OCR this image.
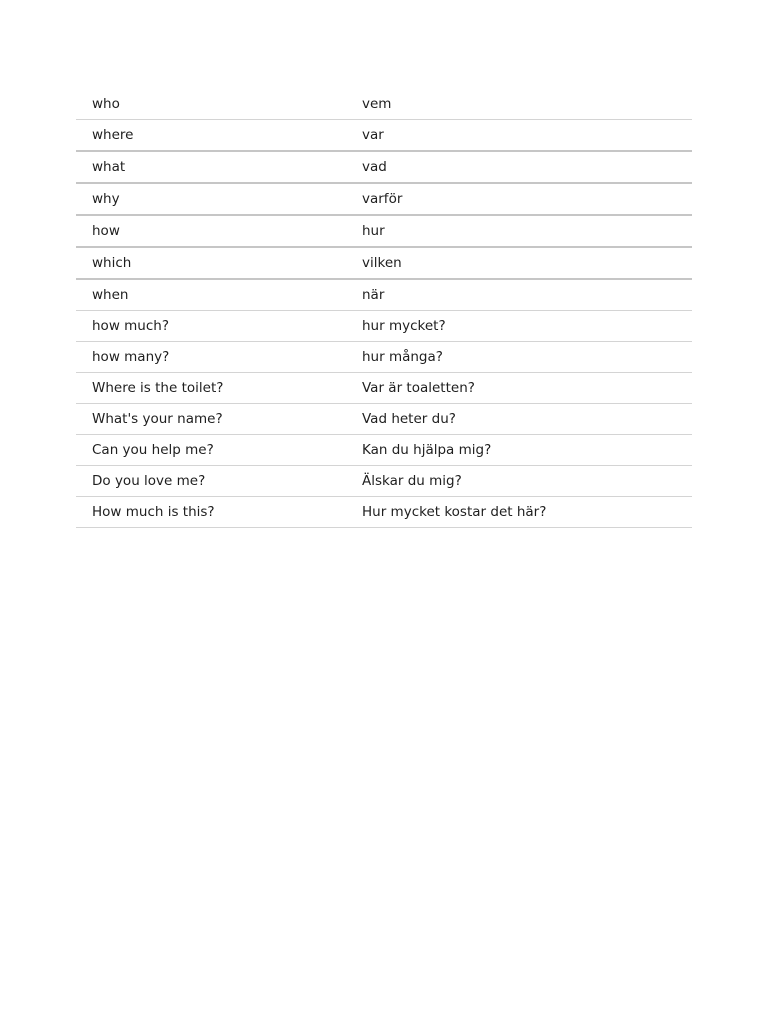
who	vem
where	var
what	vad
why	varför
how	hur
which	vilken
when	när
how much?	hur mycket?
how many?	hur många?
Where is the toilet?	Var är toaletten?
What's your name?	Vad heter du?
Can you help me?	Kan du hjälpa mig?
Do you love me?	Älskar du mig?
How much is this?	Hur mycket kostar det här?
